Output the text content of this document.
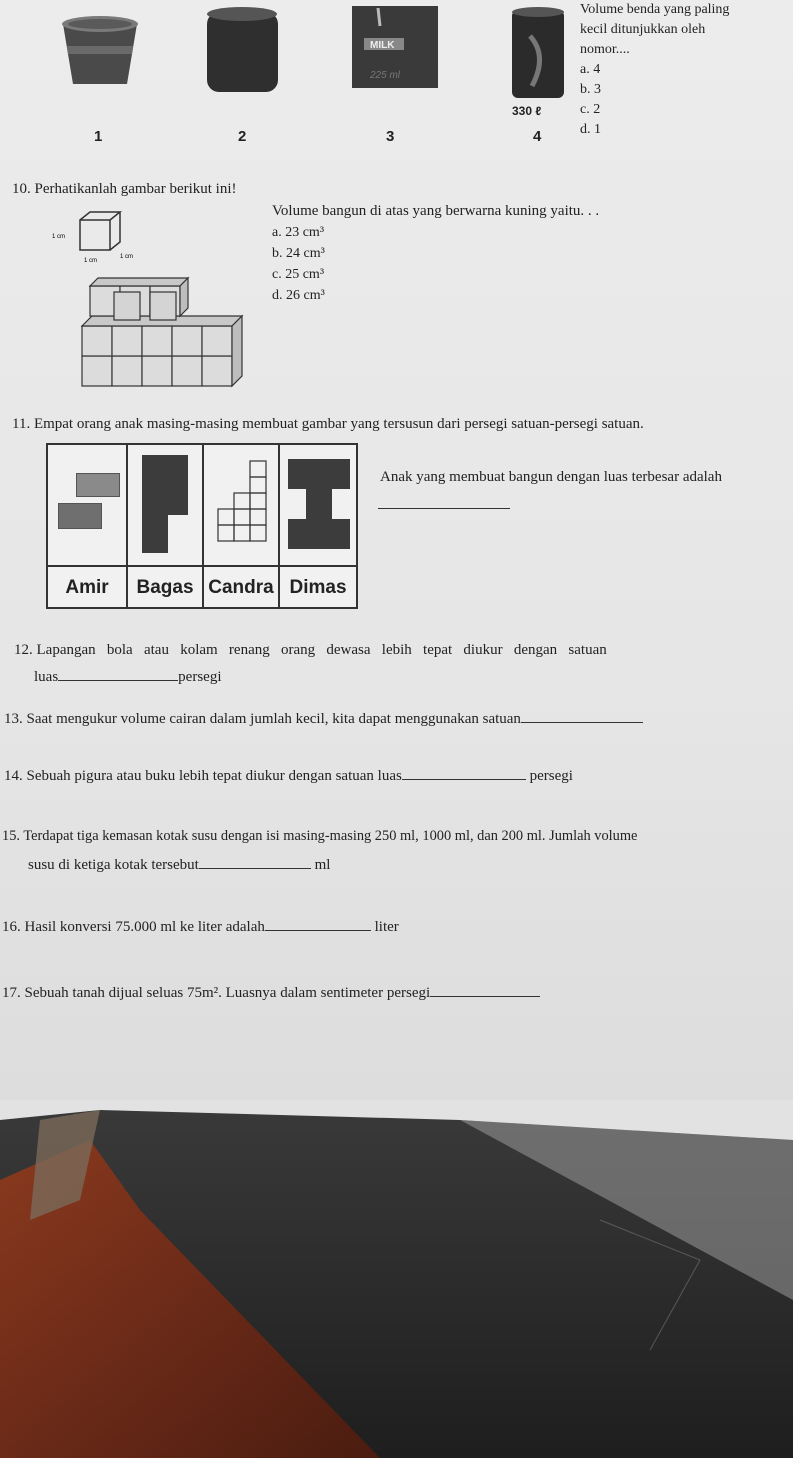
MILK
225 ml
330 ℓ
1	2	3	4
Volume benda yang paling
kecil ditunjukkan oleh
nomor....
a. 4
b. 3
c. 2
d. 1
10. Perhatikanlah gambar berikut ini!
Volume bangun di atas yang berwarna kuning yaitu. . .
a. 23 cm³
b. 24 cm³
c. 25 cm³
d. 26 cm³
1 cm
1 cm
1 cm
11. Empat orang anak masing-masing membuat gambar yang tersusun dari persegi satuan-persegi satuan.
Anak yang membuat bangun dengan luas terbesar adalah
Amir	Bagas Candra Dimas
12. Lapangan   bola   atau   kolam   renang   orang   dewasa   lebih   tepat   diukur   dengan   satuan
luas	persegi
13. Saat mengukur volume cairan dalam jumlah kecil, kita dapat menggunakan satuan
14. Sebuah pigura atau buku lebih tepat diukur dengan satuan luas	persegi
15. Terdapat tiga kemasan kotak susu dengan isi masing-masing 250 ml, 1000 ml, dan 200 ml. Jumlah volume
susu di ketiga kotak tersebut	ml
16. Hasil konversi 75.000 ml ke liter adalah	liter
17. Sebuah tanah dijual seluas 75m². Luasnya dalam sentimeter persegi
